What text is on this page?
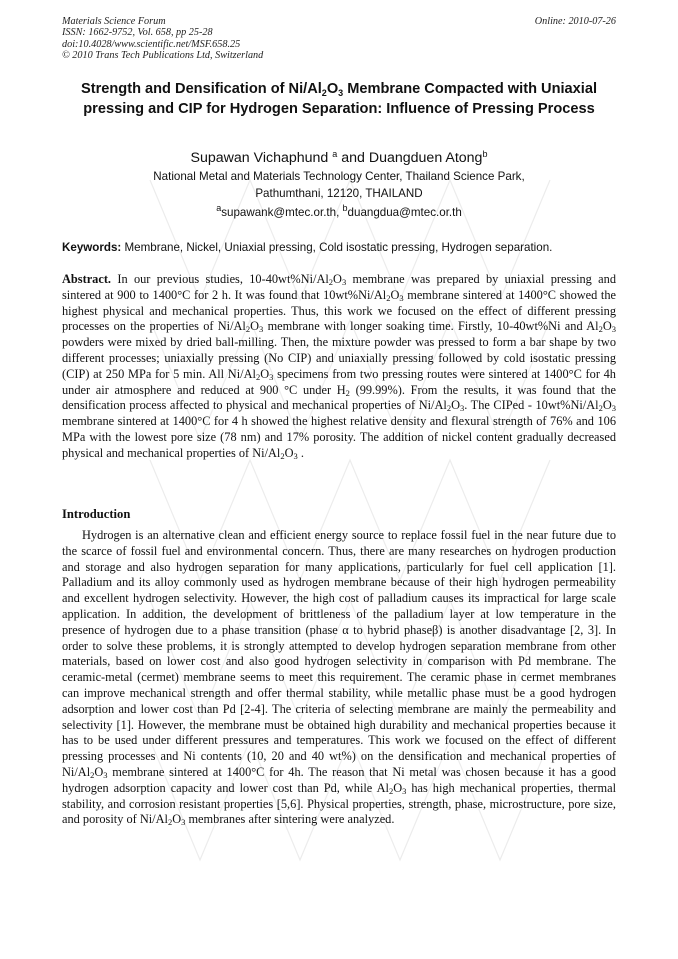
Materials Science Forum
ISSN: 1662-9752, Vol. 658, pp 25-28
doi:10.4028/www.scientific.net/MSF.658.25
© 2010 Trans Tech Publications Ltd, Switzerland
Online: 2010-07-26
Strength and Densification of $Ni/Al_2O_3$ Membrane Compacted with Uniaxial pressing and CIP for Hydrogen Separation: Influence of Pressing Process
Supawan Vichaphund $^a$ and Duangduen Atong$^b$
National Metal and Materials Technology Center, Thailand Science Park,
Pathumthani, 12120, THAILAND
$^a$supawank@mtec.or.th, $^b$duangdua@mtec.or.th
Keywords: Membrane, Nickel, Uniaxial pressing, Cold isostatic pressing, Hydrogen separation.
Abstract. In our previous studies, $10-40wt\%Ni/Al_2O_3$ membrane was prepared by uniaxial pressing and sintered at 900 to 1400°C for 2 h. It was found that $10wt\%Ni/Al_2O_3$ membrane sintered at 1400°C showed the highest physical and mechanical properties. Thus, this work we focused on the effect of different pressing processes on the properties of $Ni/Al_2O_3$ membrane with longer soaking time. Firstly, 10-40wt%Ni and $Al_2O_3$ powders were mixed by dried ball-milling. Then, the mixture powder was pressed to form a bar shape by two different processes; uniaxially pressing (No CIP) and uniaxially pressing followed by cold isostatic pressing (CIP) at 250 MPa for 5 min. All $Ni/Al_2O_3$ specimens from two pressing routes were sintered at 1400°C for 4h under air atmosphere and reduced at 900 °C under $H_2$ (99.99%). From the results, it was found that the densification process affected to physical and mechanical properties of $Ni/Al_2O_3$. The CIPed - $10wt\%Ni/Al_2O_3$ membrane sintered at 1400°C for 4 h showed the highest relative density and flexural strength of 76% and 106 MPa with the lowest pore size (78 nm) and 17% porosity. The addition of nickel content gradually decreased physical and mechanical properties of $Ni/Al_2O_3$ .
Introduction
Hydrogen is an alternative clean and efficient energy source to replace fossil fuel in the near future due to the scarce of fossil fuel and environmental concern. Thus, there are many researches on hydrogen production and storage and also hydrogen separation for many applications, particularly for fuel cell application [1]. Palladium and its alloy commonly used as hydrogen membrane because of their high hydrogen permeability and excellent hydrogen selectivity. However, the high cost of palladium causes its impractical for large scale application. In addition, the development of brittleness of the palladium layer at low temperature in the presence of hydrogen due to a phase transition (phase α to hybrid phaseβ) is another disadvantage [2, 3]. In order to solve these problems, it is strongly attempted to develop hydrogen separation membrane from other materials, based on lower cost and also good hydrogen selectivity in comparison with Pd membrane. The ceramic-metal (cermet) membrane seems to meet this requirement. The ceramic phase in cermet membranes can improve mechanical strength and offer thermal stability, while metallic phase must be a good hydrogen adsorption and lower cost than Pd [2-4]. The criteria of selecting membrane are mainly the permeability and selectivity [1]. However, the membrane must be obtained high durability and mechanical properties because it has to be used under different pressures and temperatures. This work we focused on the effect of different pressing processes and Ni contents (10, 20 and 40 wt%) on the densification and mechanical properties of $Ni/Al_2O_3$ membrane sintered at 1400°C for 4h. The reason that Ni metal was chosen because it has a good hydrogen adsorption capacity and lower cost than Pd, while $Al_2O_3$ has high mechanical properties, thermal stability, and corrosion resistant properties [5,6]. Physical properties, strength, phase, microstructure, pore size, and porosity of $Ni/Al_2O_3$ membranes after sintering were analyzed.
